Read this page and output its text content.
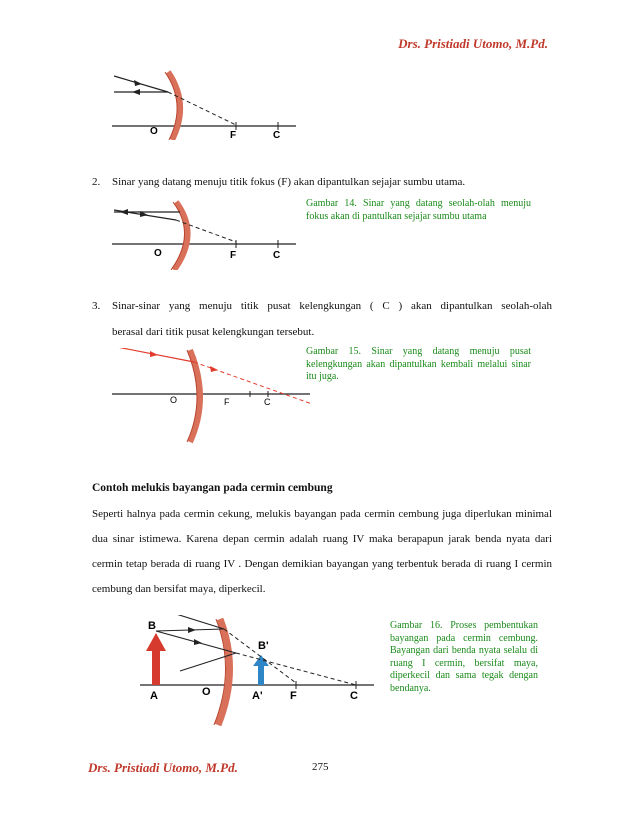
Drs. Pristiadi Utomo, M.Pd.
O	F	C
2.	Sinar yang datang menuju titik fokus (F) akan dipantulkan sejajar sumbu utama.
O	F	C
Gambar 14. Sinar yang datang seolah-olah menuju fokus akan di pantulkan sejajar sumbu utama
3.	Sinar-sinar yang menuju titik pusat kelengkungan ( C ) akan dipantulkan seolah-olah
berasal dari titik pusat kelengkungan tersebut.
O	F	C
Gambar 15. Sinar yang datang menuju pusat kelengkungan akan dipantulkan kembali melalui sinar itu juga.
Contoh melukis bayangan pada cermin cembung
Seperti halnya pada cermin cekung, melukis bayangan pada cermin cembung juga diperlukan minimal dua sinar istimewa. Karena depan cermin adalah ruang IV maka berapapun jarak benda nyata dari cermin tetap berada di ruang IV . Dengan demikian bayangan yang terbentuk berada di ruang I cermin cembung dan bersifat maya, diperkecil.
B
B'
A	O	A' F	C
Gambar 16. Proses pembentukan bayangan pada cermin cembung. Bayangan dari benda nyata selalu di ruang I cermin, bersifat maya, diperkecil dan sama tegak dengan bendanya.
Drs. Pristiadi Utomo, M.Pd.	275
